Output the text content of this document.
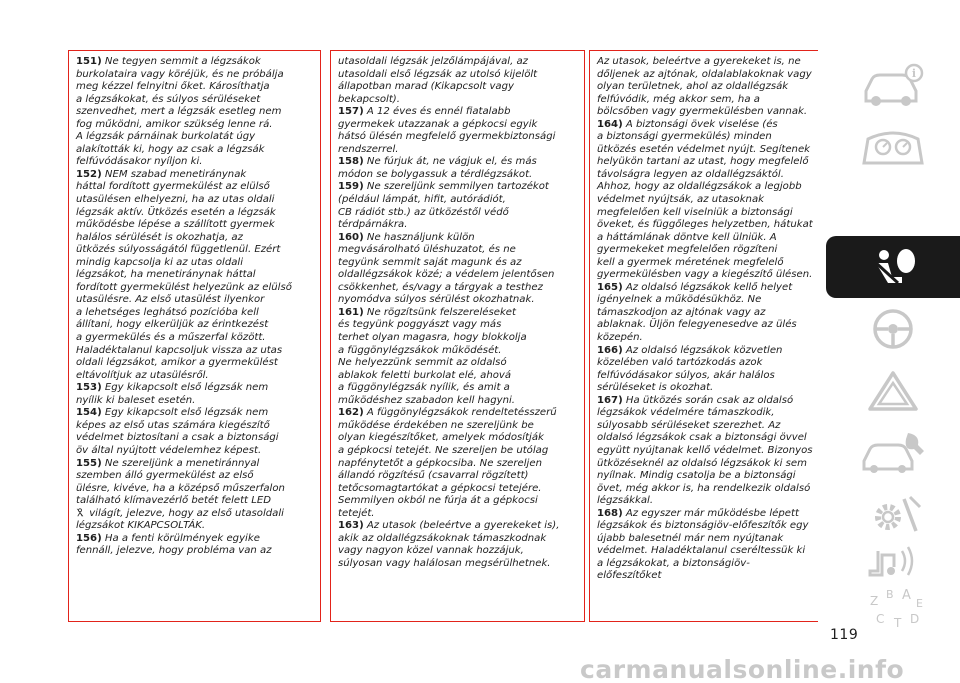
151) Ne tegyen semmit a légzsákok
burkolataira vagy köréjük, és ne próbálja
meg kézzel felnyitni őket. Károsíthatja
a légzsákokat, és súlyos sérüléseket
szenvedhet, mert a légzsák esetleg nem
fog működni, amikor szükség lenne rá.
A légzsák párnáinak burkolatát úgy
alakították ki, hogy az csak a légzsák
felfúvódásakor nyíljon ki.

152) NEM szabad menetiránynak
háttal fordított gyermekülést az elülső
utasülésen elhelyezni, ha az utas oldali
légzsák aktív. Ütközés esetén a légzsák
működésbe lépése a szállított gyermek
halálos sérülését is okozhatja, az
ütközés súlyosságától függetlenül. Ezért
mindig kapcsolja ki az utas oldali
légzsákot, ha menetiránynak háttal
fordított gyermekülést helyezünk az elülső
utasülésre. Az első utasülést ilyenkor
a lehetséges leghátsó pozícióba kell
állítani, hogy elkerüljük az érintkezést
a gyermekülés és a műszerfal között.
Haladéktalanul kapcsoljuk vissza az utas
oldali légzsákot, amikor a gyermekülést
eltávolítjuk az utasülésről.

153) Egy kikapcsolt első légzsák nem
nyílik ki baleset esetén.

154) Egy kikapcsolt első légzsák nem
képes az első utas számára kiegészítő
védelmet biztosítani a csak a biztonsági
öv által nyújtott védelemhez képest.

155) Ne szereljünk a menetiránnyal
szemben álló gyermekülést az első
ülésre, kivéve, ha a középső műszerfalon
található klímavezérlő betét felett LED
világít, jelezve, hogy az első utasoldali
légzsákot KIKAPCSOLTÁK.

156) Ha a fenti körülmények egyike
fennáll, jelezve, hogy probléma van az

utasoldali légzsák jelzőlámpájával, az
utasoldali első légzsák az utolsó kijelölt
állapotban marad (Kikapcsolt vagy
bekapcsolt).

157) A 12 éves és ennél fiatalabb
gyermekek utazzanak a gépkocsi egyik
hátsó ülésén megfelelő gyermekbiztonsági
rendszerrel.

158) Ne fúrjuk át, ne vágjuk el, és más
módon se bolygassuk a térdlégzsákot.

159) Ne szereljünk semmilyen tartozékot
(például lámpát, hifit, autórádiót,
CB rádiót stb.) az ütközéstől védő
térdpárnákra.

160) Ne használjunk külön
megvásárolható üléshuzatot, és ne
tegyünk semmit saját magunk és az
oldallégzsákok közé; a védelem jelentősen
csökkenhet, és/vagy a tárgyak a testhez
nyomódva súlyos sérülést okozhatnak.

161) Ne rögzítsünk felszereléseket
és tegyünk poggyászt vagy más
terhet olyan magasra, hogy blokkolja
a függönylégzsákok működését.
Ne helyezzünk semmit az oldalsó
ablakok feletti burkolat elé, ahová
a függönylégzsák nyílik, és amit a
működéshez szabadon kell hagyni.

162) A függönylégzsákok rendeltetésszerű
működése érdekében ne szereljünk be
olyan kiegészítőket, amelyek módosítják
a gépkocsi tetejét. Ne szereljen be utólag
napfénytetőt a gépkocsiba. Ne szereljen
állandó rögzítésű (csavarral rögzített)
tetőcsomagtartókat a gépkocsi tetejére.
Semmilyen okból ne fúrja át a gépkocsi
tetejét.

163) Az utasok (beleértve a gyerekeket is),
akik az oldallégzsákoknak támaszkodnak
vagy nagyon közel vannak hozzájuk,
súlyosan vagy halálosan megsérülhetnek.

Az utasok, beleértve a gyerekeket is, ne
dőljenek az ajtónak, oldalablakoknak vagy
olyan területnek, ahol az oldallégzsák
felfúvódik, még akkor sem, ha a
bölcsőben vagy gyermekülésben vannak.

164) A biztonsági övek viselése (és
a biztonsági gyermekülés) minden
ütközés esetén védelmet nyújt. Segítenek
helyükön tartani az utast, hogy megfelelő
távolságra legyen az oldallégzsáktól.
Ahhoz, hogy az oldallégzsákok a legjobb
védelmet nyújtsák, az utasoknak
megfelelően kell viselniük a biztonsági
öveket, és függőleges helyzetben, hátukat
a háttámlának döntve kell ülniük. A
gyermekeket megfelelően rögzíteni
kell a gyermek méretének megfelelő
gyermekülésben vagy a kiegészítő ülésen.

165) Az oldalsó légzsákok kellő helyet
igényelnek a működésükhöz. Ne
támaszkodjon az ajtónak vagy az
ablaknak. Üljön felegyenesedve az ülés
közepén.

166) Az oldalsó légzsákok közvetlen
közelében való tartózkodás azok
felfúvódásakor súlyos, akár halálos
sérüléseket is okozhat.

167) Ha ütközés során csak az oldalsó
légzsákok védelmére támaszkodik,
súlyosabb sérüléseket szerezhet. Az
oldalsó légzsákok csak a biztonsági övvel
együtt nyújtanak kellő védelmet. Bizonyos
ütközéseknél az oldalsó légzsákok ki sem
nyílnak. Mindig csatolja be a biztonsági
övet, még akkor is, ha rendelkezik oldalsó
légzsákkal.

168) Az egyszer már működésbe lépett
légzsákok és biztonságiöv-előfeszítők egy
újabb balesetnél már nem nyújtanak
védelmet. Haladéktalanul cseréltessük ki
a légzsákokat, a biztonságiöv-előfeszítőket

i
Z B A
E
C T D
119
carmanualsonline.info
